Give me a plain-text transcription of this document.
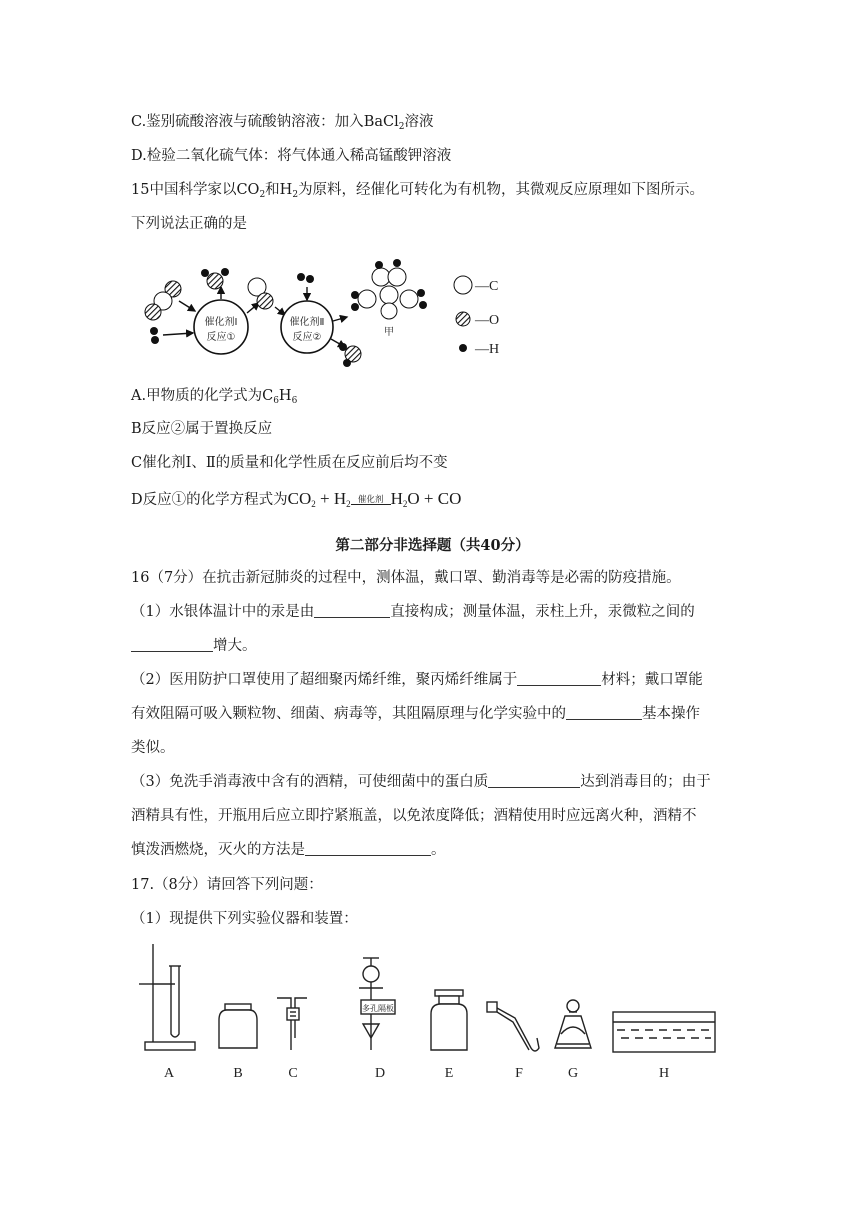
C.鉴别硫酸溶液与硫酸钠溶液：加入BaCl$_2$溶液
D.检验二氧化硫气体：将气体通入稀高锰酸钾溶液
15中国科学家以$CO_2$和$H_2$为原料，经催化可转化为有机物，其微观反应原理如下图所示。
下列说法正确的是
催化剂Ⅰ
反应①
催化剂Ⅱ
反应②	甲
—C
—O
—H
A.甲物质的化学式为$C_6H_6$
B反应②属于置换反应
C催化剂Ⅰ、Ⅱ的质量和化学性质在反应前后均不变
D反应①的化学方程式为$CO_2 + H_2$ 催化剂 $H_2O$ + CO
第二部分非选择题（共40分）
16（7分）在抗击新冠肺炎的过程中，测体温，戴口罩、勤消毒等是必需的防疫措施。
（1）水银体温计中的汞是由	直接构成；测量体温，汞柱上升，汞微粒之间的
增大。
（2）医用防护口罩使用了超细聚丙烯纤维，聚丙烯纤维属于	材料；戴口罩能
有效阻隔可吸入颗粒物、细菌、病毒等，其阻隔原理与化学实验中的	基本操作
类似。
（3）免洗手消毒液中含有的酒精，可使细菌中的蛋白质	达到消毒目的；由于
酒精具有性，开瓶用后应立即拧紧瓶盖，以免浓度降低；酒精使用时应远离火种，酒精不
慎泼洒燃烧，灭火的方法是	。
17.（8分）请回答下列问题：
（1）现提供下列实验仪器和装置：
多孔隔板
A	B	C	D	E	F	G	H
